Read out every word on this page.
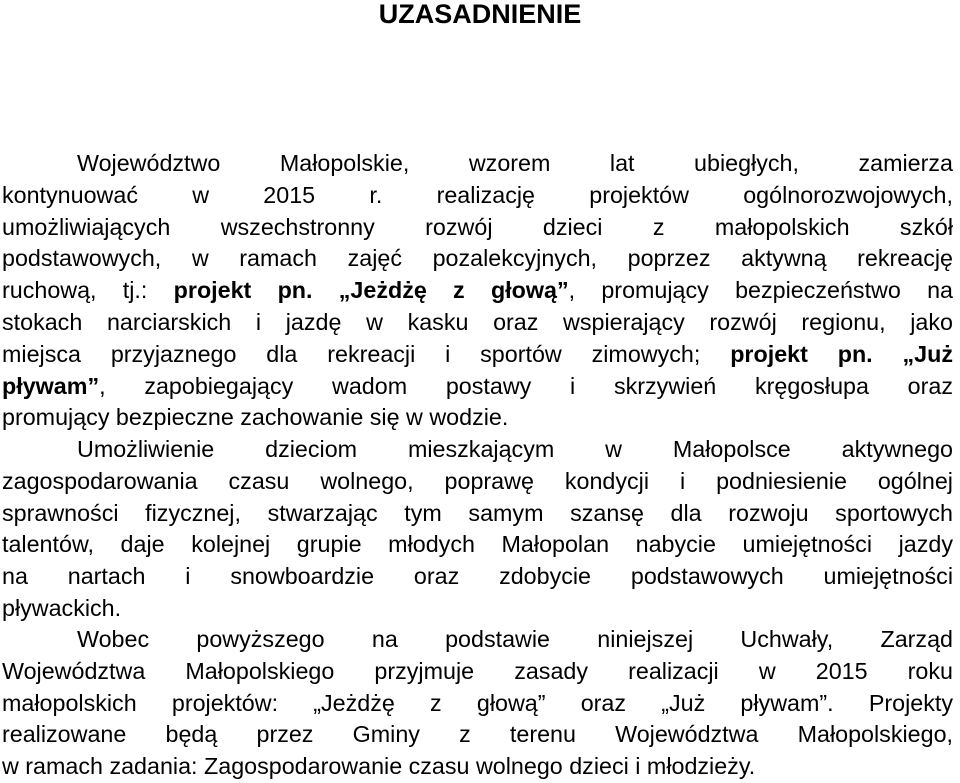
UZASADNIENIE
Województwo Małopolskie, wzorem lat ubiegłych, zamierza
kontynuować w 2015 r. realizację projektów ogólnorozwojowych,
umożliwiających wszechstronny rozwój dzieci z małopolskich szkół
podstawowych, w ramach zajęć pozalekcyjnych, poprzez aktywną rekreację
ruchową, tj.: projekt pn. „Jeżdżę z głową”, promujący bezpieczeństwo na
stokach narciarskich i jazdę w kasku oraz wspierający rozwój regionu, jako
miejsca przyjaznego dla rekreacji i sportów zimowych; projekt pn. „Już
pływam”, zapobiegający wadom postawy i skrzywień kręgosłupa oraz
promujący bezpieczne zachowanie się w wodzie.
Umożliwienie dzieciom mieszkającym w Małopolsce aktywnego
zagospodarowania czasu wolnego, poprawę kondycji i podniesienie ogólnej
sprawności fizycznej, stwarzając tym samym szansę dla rozwoju sportowych
talentów, daje kolejnej grupie młodych Małopolan nabycie umiejętności jazdy
na nartach i snowboardzie oraz zdobycie podstawowych umiejętności
pływackich.
Wobec powyższego na podstawie niniejszej Uchwały, Zarząd
Województwa Małopolskiego przyjmuje zasady realizacji w 2015 roku
małopolskich projektów: „Jeżdżę z głową” oraz „Już pływam”. Projekty
realizowane będą przez Gminy z terenu Województwa Małopolskiego,
w ramach zadania: Zagospodarowanie czasu wolnego dzieci i młodzieży.
